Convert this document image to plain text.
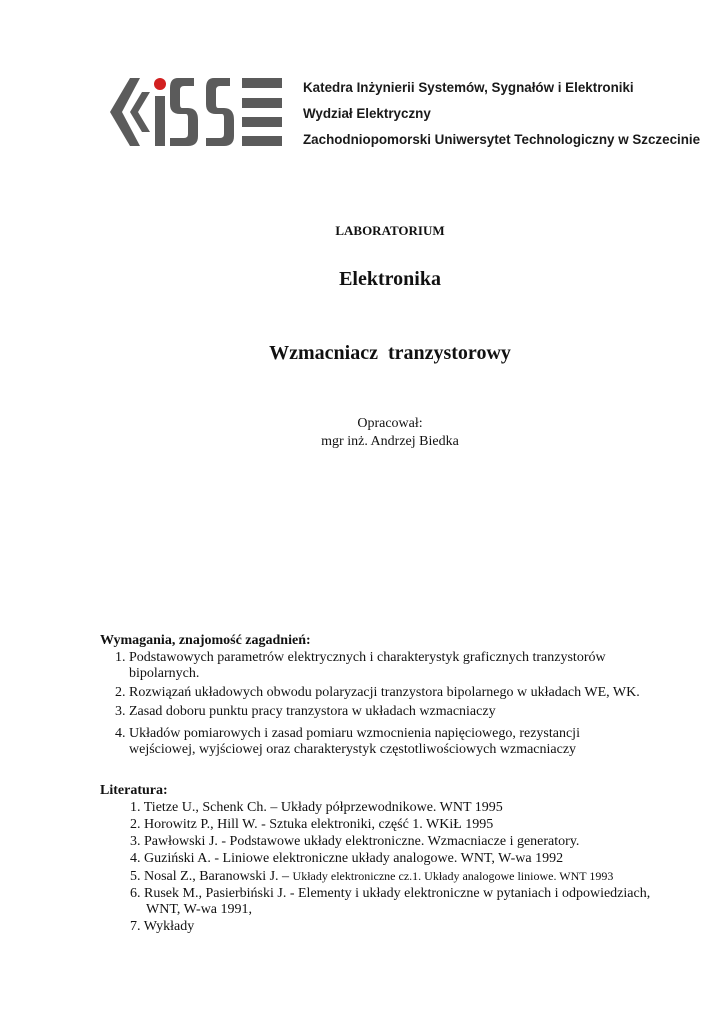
Katedra Inżynierii Systemów, Sygnałów i Elektroniki
Wydział Elektryczny
Zachodniopomorski Uniwersytet Technologiczny w Szczecinie
LABORATORIUM
Elektronika
Wzmacniacz  tranzystorowy
Opracował:
mgr inż. Andrzej Biedka
Wymagania, znajomość zagadnień:
1. Podstawowych parametrów elektrycznych i charakterystyk graficznych tranzystorów
bipolarnych.
2. Rozwiązań układowych obwodu polaryzacji tranzystora bipolarnego w układach WE, WK.
3. Zasad doboru punktu pracy tranzystora w układach wzmacniaczy
4. Układów pomiarowych i zasad pomiaru wzmocnienia napięciowego, rezystancji
wejściowej, wyjściowej oraz charakterystyk częstotliwościowych wzmacniaczy
Literatura:
1. Tietze U., Schenk Ch. – Układy półprzewodnikowe. WNT 1995
2. Horowitz P., Hill W. - Sztuka elektroniki, część 1. WKiŁ 1995
3. Pawłowski J. - Podstawowe układy elektroniczne. Wzmacniacze i generatory.
4. Guziński A. - Liniowe elektroniczne układy analogowe. WNT, W-wa 1992
5. Nosal Z., Baranowski J. – Układy elektroniczne cz.1. Układy analogowe liniowe. WNT 1993
6. Rusek M., Pasierbiński J. - Elementy i układy elektroniczne w pytaniach i odpowiedziach,
WNT, W-wa 1991,
7. Wykłady
